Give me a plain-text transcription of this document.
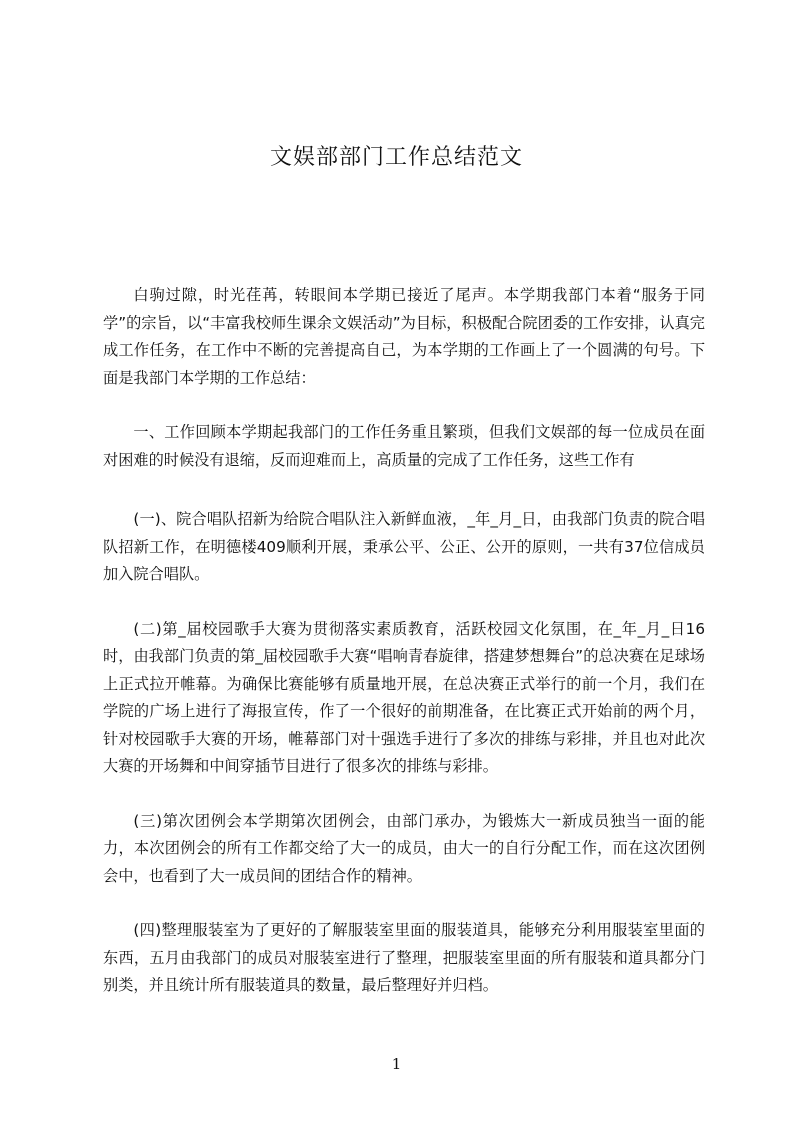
文娱部部门工作总结范文

白驹过隙，时光荏苒，转眼间本学期已接近了尾声。本学期我部门本着“服务于同学”的宗旨，以“丰富我校师生课余文娱活动”为目标，积极配合院团委的工作安排，认真完成工作任务，在工作中不断的完善提高自己，为本学期的工作画上了一个圆满的句号。下面是我部门本学期的工作总结：

一、工作回顾本学期起我部门的工作任务重且繁琐，但我们文娱部的每一位成员在面对困难的时候没有退缩，反而迎难而上，高质量的完成了工作任务，这些工作有

(一)、院合唱队招新为给院合唱队注入新鲜血液，_年_月_日，由我部门负责的院合唱队招新工作，在明德楼409顺利开展，秉承公平、公正、公开的原则，一共有37位信成员加入院合唱队。

(二)第_届校园歌手大赛为贯彻落实素质教育，活跃校园文化氛围，在_年_月_日16时，由我部门负责的第_届校园歌手大赛“唱响青春旋律，搭建梦想舞台”的总决赛在足球场上正式拉开帷幕。为确保比赛能够有质量地开展，在总决赛正式举行的前一个月，我们在学院的广场上进行了海报宣传，作了一个很好的前期准备，在比赛正式开始前的两个月，针对校园歌手大赛的开场，帷幕部门对十强选手进行了多次的排练与彩排，并且也对此次大赛的开场舞和中间穿插节目进行了很多次的排练与彩排。

(三)第次团例会本学期第次团例会，由部门承办，为锻炼大一新成员独当一面的能力，本次团例会的所有工作都交给了大一的成员，由大一的自行分配工作，而在这次团例会中，也看到了大一成员间的团结合作的精神。

(四)整理服装室为了更好的了解服装室里面的服装道具，能够充分利用服装室里面的东西，五月由我部门的成员对服装室进行了整理，把服装室里面的所有服装和道具都分门别类，并且统计所有服装道具的数量，最后整理好并归档。

1
